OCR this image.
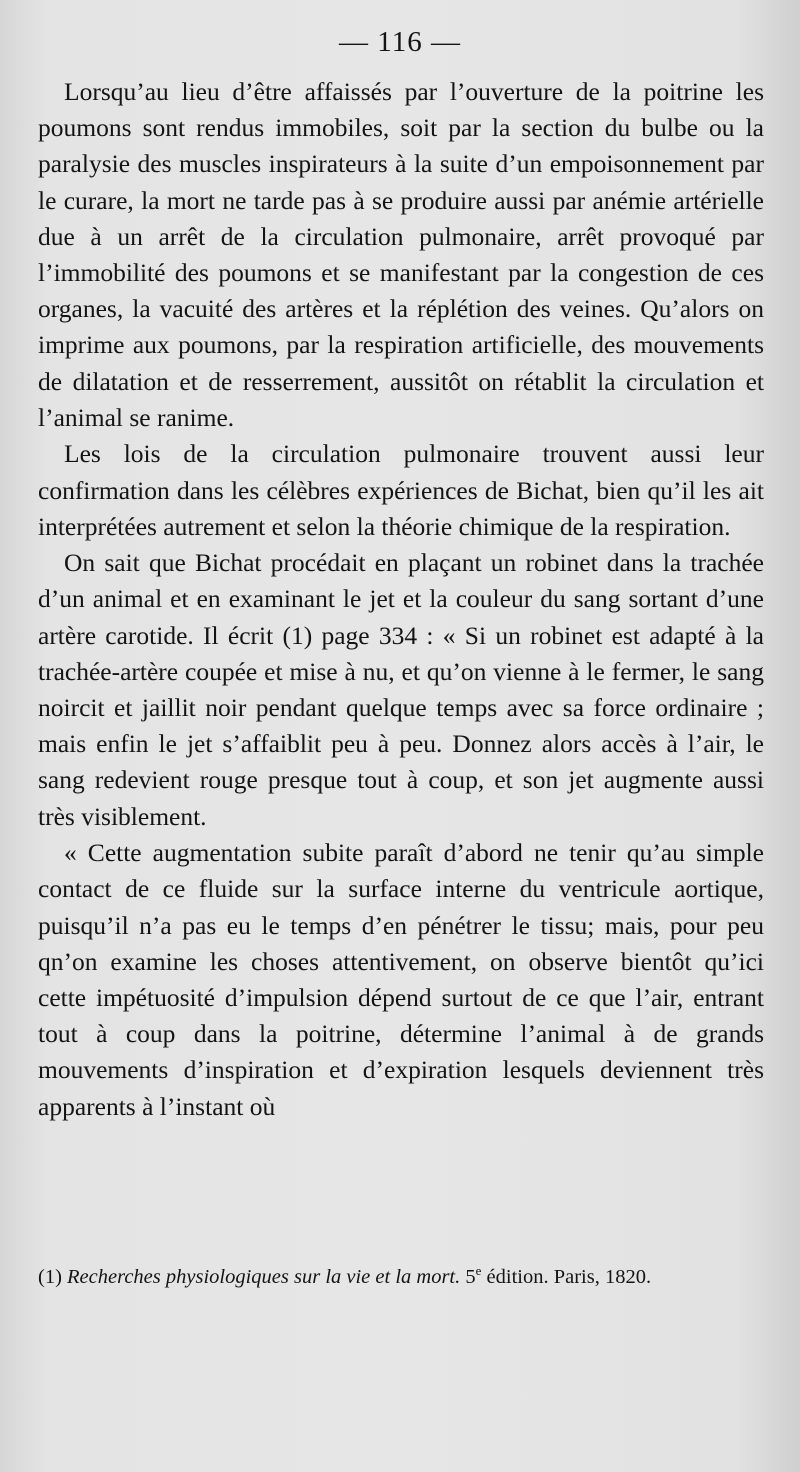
— 116 —

Lorsqu’au lieu d’être affaissés par l’ouverture de la poitrine les poumons sont rendus immobiles, soit par la section du bulbe ou la paralysie des muscles inspirateurs à la suite d’un empoisonnement par le curare, la mort ne tarde pas à se produire aussi par anémie artérielle due à un arrêt de la circulation pulmonaire, arrêt provoqué par l’immobilité des poumons et se manifestant par la congestion de ces organes, la vacuité des artères et la réplétion des veines. Qu’alors on imprime aux poumons, par la respiration artificielle, des mouvements de dilatation et de resserrement, aussitôt on rétablit la circulation et l’animal se ranime.

Les lois de la circulation pulmonaire trouvent aussi leur confirmation dans les célèbres expériences de Bichat, bien qu’il les ait interprétées autrement et selon la théorie chimique de la respiration.

On sait que Bichat procédait en plaçant un robinet dans la trachée d’un animal et en examinant le jet et la couleur du sang sortant d’une artère carotide. Il écrit (1) page 334 : « Si un robinet est adapté à la trachée-artère coupée et mise à nu, et qu’on vienne à le fermer, le sang noircit et jaillit noir pendant quelque temps avec sa force ordinaire ; mais enfin le jet s’affaiblit peu à peu. Donnez alors accès à l’air, le sang redevient rouge presque tout à coup, et son jet augmente aussi très visiblement.

« Cette augmentation subite paraît d’abord ne tenir qu’au simple contact de ce fluide sur la surface interne du ventricule aortique, puisqu’il n’a pas eu le temps d’en pénétrer le tissu; mais, pour peu qn’on examine les choses attentivement, on observe bientôt qu’ici cette impétuosité d’impulsion dépend surtout de ce que l’air, entrant tout à coup dans la poitrine, détermine l’animal à de grands mouvements d’inspiration et d’expiration lesquels deviennent très apparents à l’instant où

(1) Recherches physiologiques sur la vie et la mort. 5e édition. Paris, 1820.
